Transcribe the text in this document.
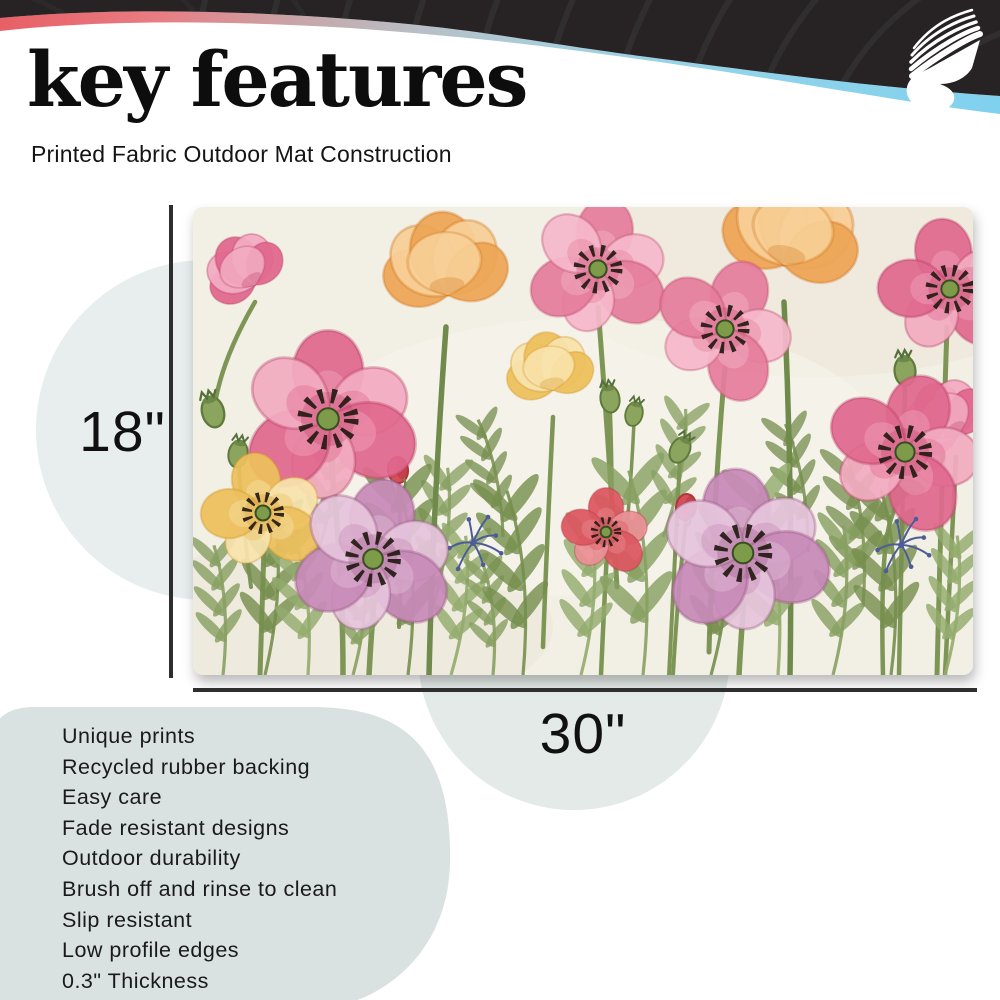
key features
Printed Fabric Outdoor Mat Construction
18"
30"
Unique prints
Recycled rubber backing
Easy care
Fade resistant designs
Outdoor durability
Brush off and rinse to clean
Slip resistant
Low profile edges
0.3" Thickness
